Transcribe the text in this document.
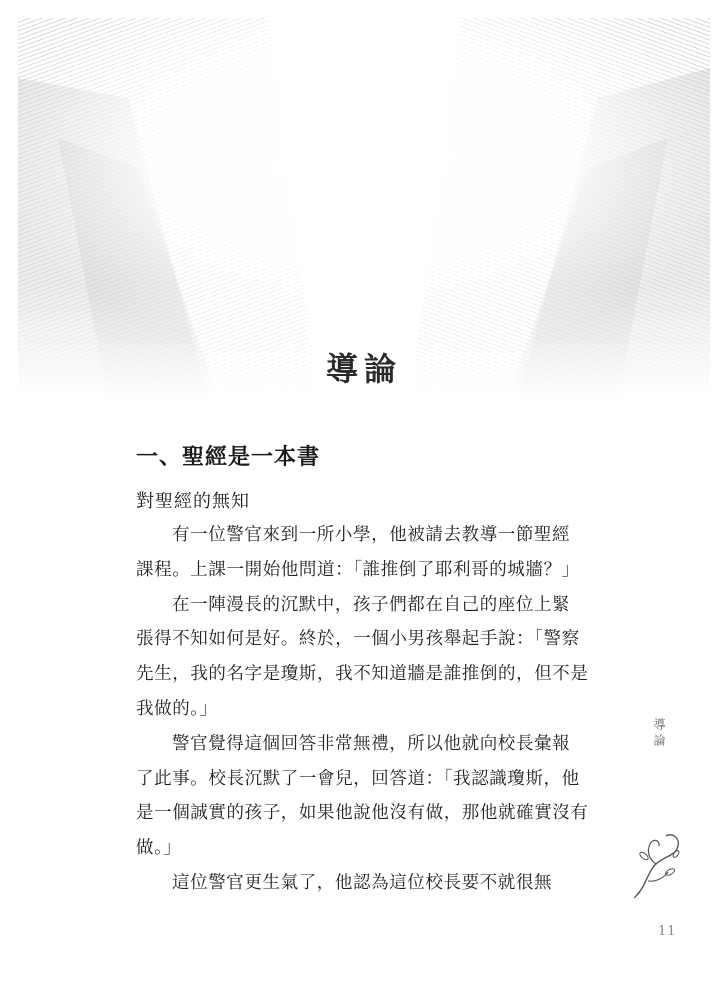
導論
一、聖經是一本書
對聖經的無知
有一位警官來到一所小學，他被請去教導一節聖經
課程。上課一開始他問道：「誰推倒了耶利哥的城牆？」
在一陣漫長的沉默中，孩子們都在自己的座位上緊
張得不知如何是好。終於，一個小男孩舉起手說：「警察
先生，我的名字是瓊斯，我不知道牆是誰推倒的，但不是
我做的。」
警官覺得這個回答非常無禮，所以他就向校長彙報
了此事。校長沉默了一會兒，回答道：「我認識瓊斯，他
是一個誠實的孩子，如果他說他沒有做，那他就確實沒有
做。」
這位警官更生氣了，他認為這位校長要不就很無
導論
11
